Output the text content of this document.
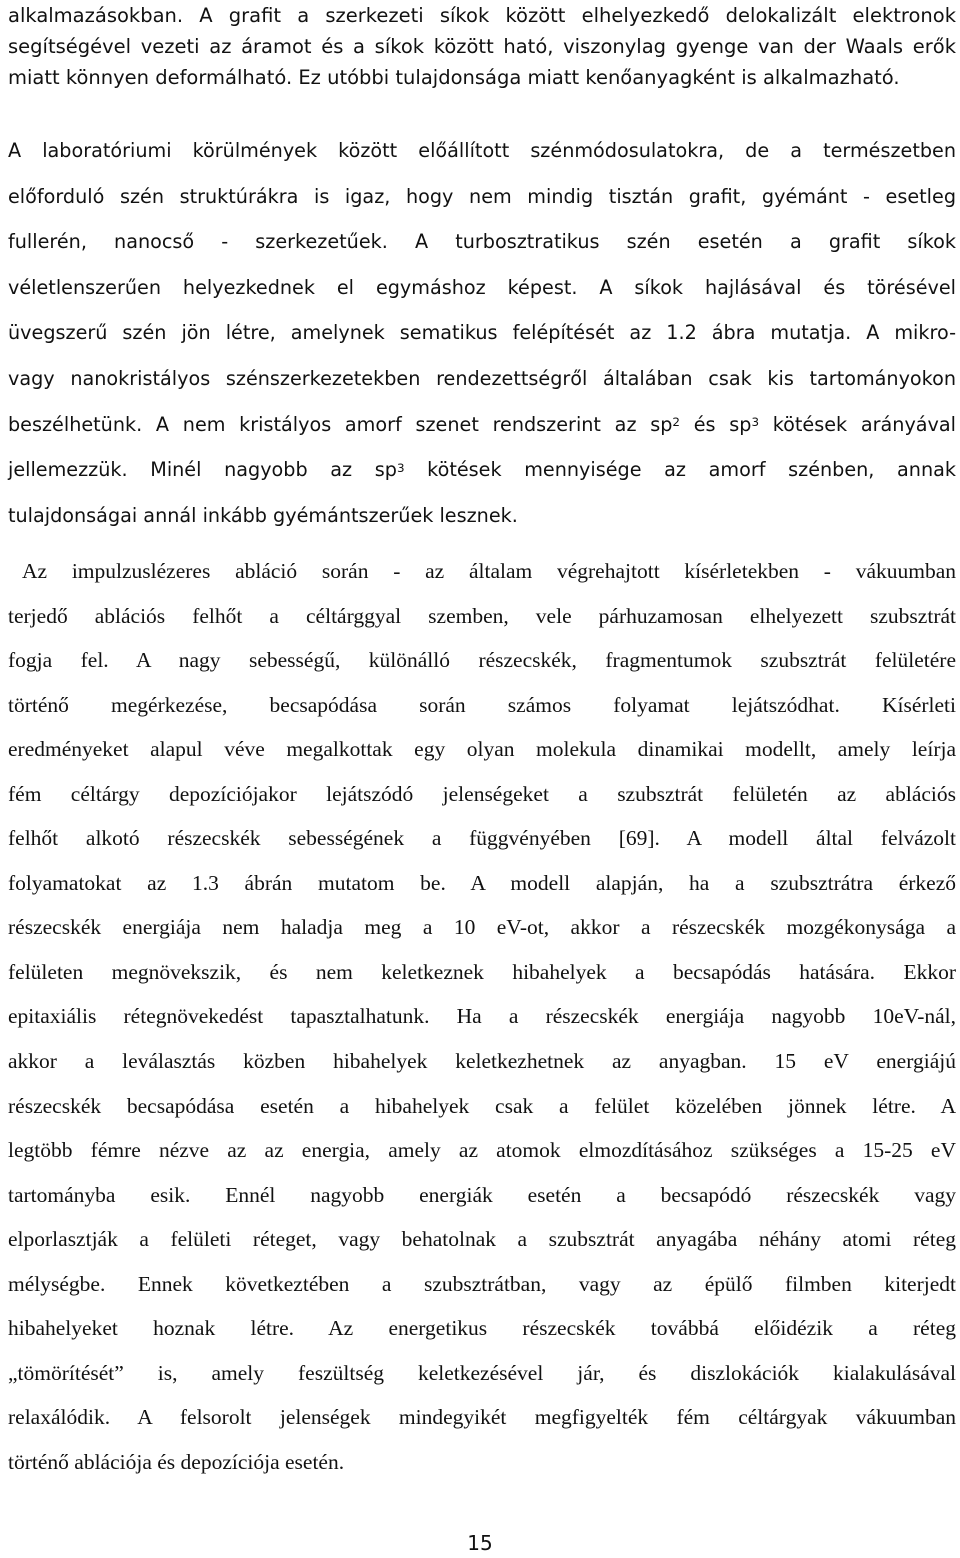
alkalmazásokban. A grafit a szerkezeti síkok között elhelyezkedő delokalizált elektronok
segítségével vezeti az áramot és a síkok között ható, viszonylag gyenge van der Waals erők
miatt könnyen deformálható. Ez utóbbi tulajdonsága miatt kenőanyagként is alkalmazható.
A laboratóriumi körülmények között előállított szénmódosulatokra, de a természetben
előforduló szén struktúrákra is igaz, hogy nem mindig tisztán grafit, gyémánt - esetleg
fullerén, nanocső - szerkezetűek. A turbosztratikus szén esetén a grafit síkok
véletlenszerűen helyezkednek el egymáshoz képest. A síkok hajlásával és törésével
üvegszerű szén jön létre, amelynek sematikus felépítését az 1.2 ábra mutatja. A mikro-
vagy nanokristályos szénszerkezetekben rendezettségről általában csak kis tartományokon
beszélhetünk. A nem kristályos amorf szenet rendszerint az $sp^2$ és $sp^3$ kötések arányával
jellemezzük. Minél nagyobb az $sp^3$ kötések mennyisége az amorf szénben, annak
tulajdonságai annál inkább gyémántszerűek lesznek.
Az impulzuslézeres abláció során - az általam végrehajtott kísérletekben - vákuumban
terjedő ablációs felhőt a céltárggyal szemben, vele párhuzamosan elhelyezett szubsztrát
fogja fel. A nagy sebességű, különálló részecskék, fragmentumok szubsztrát felületére
történő megérkezése, becsapódása során számos folyamat lejátszódhat. Kísérleti
eredményeket alapul véve megalkottak egy olyan molekula dinamikai modellt, amely leírja
fém céltárgy depozíciójakor lejátszódó jelenségeket a szubsztrát felületén az ablációs
felhőt alkotó részecskék sebességének a függvényében [69]. A modell által felvázolt
folyamatokat az 1.3 ábrán mutatom be. A modell alapján, ha a szubsztrátra érkező
részecskék energiája nem haladja meg a 10 eV-ot, akkor a részecskék mozgékonysága a
felületen megnövekszik, és nem keletkeznek hibahelyek a becsapódás hatására. Ekkor
epitaxiális rétegnövekedést tapasztalhatunk. Ha a részecskék energiája nagyobb 10eV-nál,
akkor a leválasztás közben hibahelyek keletkezhetnek az anyagban. 15 eV energiájú
részecskék becsapódása esetén a hibahelyek csak a felület közelében jönnek létre. A
legtöbb fémre nézve az az energia, amely az atomok elmozdításához szükséges a 15-25 eV
tartományba esik. Ennél nagyobb energiák esetén a becsapódó részecskék vagy
elporlasztják a felületi réteget, vagy behatolnak a szubsztrát anyagába néhány atomi réteg
mélységbe. Ennek következtében a szubsztrátban, vagy az épülő filmben kiterjedt
hibahelyeket hoznak létre. Az energetikus részecskék továbbá előidézik a réteg
„tömörítését” is, amely feszültség keletkezésével jár, és diszlokációk kialakulásával
relaxálódik. A felsorolt jelenségek mindegyikét megfigyelték fém céltárgyak vákuumban
történő ablációja és depozíciója esetén.
15
